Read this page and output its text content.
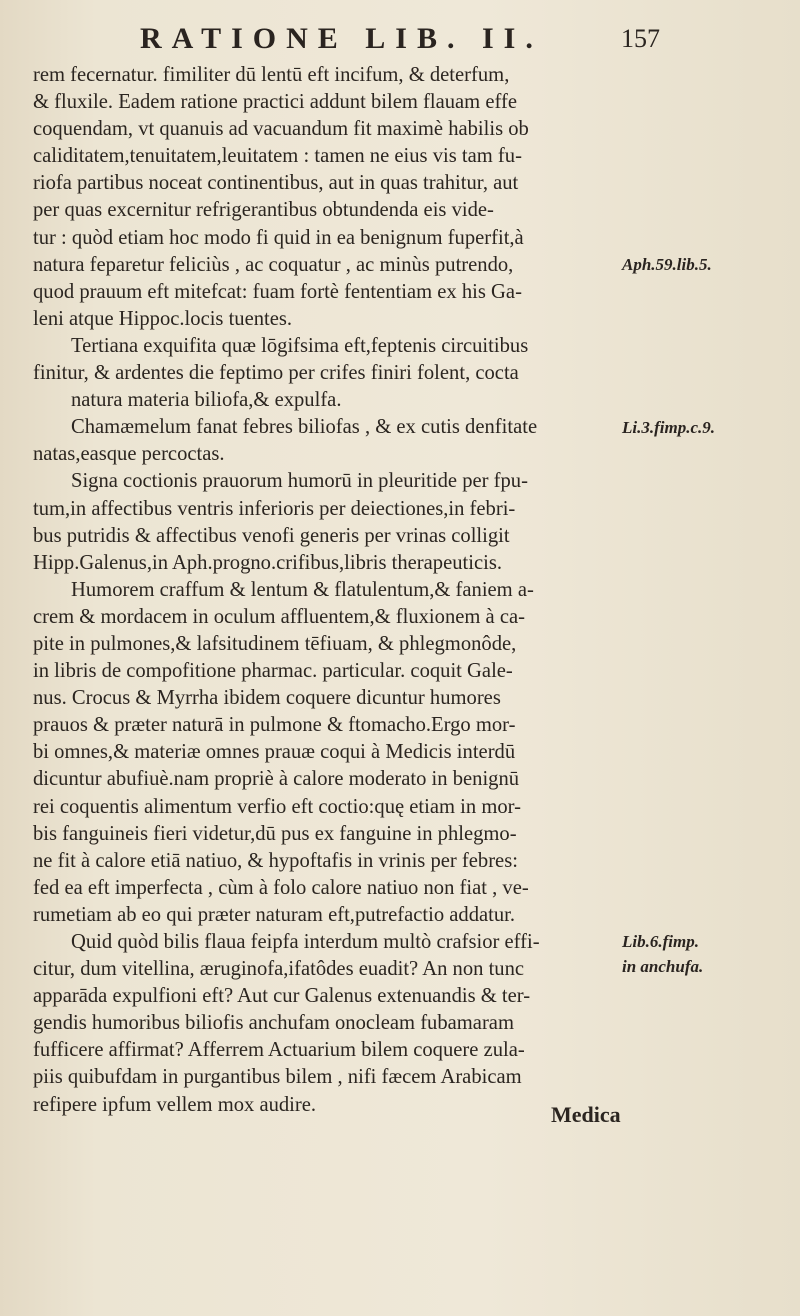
RATIONE LIB. II.	157
rem fecernatur. fimiliter dū lentū eft incifum, & deterfum,
& fluxile. Eadem ratione practici addunt bilem flauam effe
coquendam, vt quanuis ad vacuandum fit maximè habilis ob
caliditatem,tenuitatem,leuitatem : tamen ne eius vis tam fu-
riofa partibus noceat continentibus, aut in quas trahitur, aut
per quas excernitur refrigerantibus obtundenda eis vide-
tur : quòd etiam hoc modo fi quid in ea benignum fuperfit,à
natura feparetur feliciùs , ac coquatur , ac minùs putrendo,
quod prauum eft mitefcat: fuam fortè fententiam ex his Ga-
leni atque Hippoc.locis tuentes.
Tertiana exquifita quæ lōgifsima eft,feptenis circuitibus
finitur, & ardentes die feptimo per crifes finiri folent, cocta
natura materia biliofa,& expulfa.
Chamæmelum fanat febres biliofas , & ex cutis denfitate
natas,easque percoctas.
Signa coctionis prauorum humorū in pleuritide per fpu-
tum,in affectibus ventris inferioris per deiectiones,in febri-
bus putridis & affectibus venofi generis per vrinas colligit
Hipp.Galenus,in Aph.progno.crifibus,libris therapeuticis.
Humorem craffum & lentum & flatulentum,& faniem a-
crem & mordacem in oculum affluentem,& fluxionem à ca-
pite in pulmones,& lafsitudinem tēfiuam, & phlegmonôde,
in libris de compofitione pharmac. particular. coquit Gale-
nus. Crocus & Myrrha ibidem coquere dicuntur humores
prauos & præter naturā in pulmone & ftomacho.Ergo mor-
bi omnes,& materiæ omnes prauæ coqui à Medicis interdū
dicuntur abufiuè.nam propriè à calore moderato in benignū
rei coquentis alimentum verfio eft coctio:quę etiam in mor-
bis fanguineis fieri videtur,dū pus ex fanguine in phlegmo-
ne fit à calore etiā natiuo, & hypoftafis in vrinis per febres:
fed ea eft imperfecta , cùm à folo calore natiuo non fiat , ve-
rumetiam ab eo qui præter naturam eft,putrefactio addatur.
Quid quòd bilis flaua feipfa interdum multò crafsior effi-
citur, dum vitellina, æruginofa,ifatôdes euadit? An non tunc
apparāda expulfioni eft? Aut cur Galenus extenuandis & ter-
gendis humoribus biliofis anchufam onocleam fubamaram
fufficere affirmat? Afferrem Actuarium bilem coquere zula-
piis quibufdam in purgantibus bilem , nifi fæcem Arabicam
refipere ipfum vellem mox audire.
Aph.59.lib.5.
Li.3.fimp.c.9.
Lib.6.fimp.
in anchufa.
Medica
